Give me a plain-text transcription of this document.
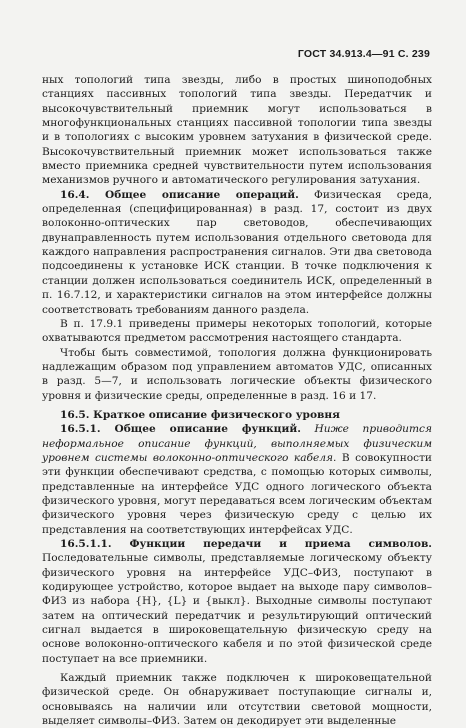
ГОСТ 34.913.4—91 С. 239

ных топологий типа звезды, либо в простых шиноподобных станциях пассивных топологий типа звезды. Передатчик и высокочувствительный приемник могут использоваться в многофункциональных станциях пассивной топологии типа звезды и в топологиях с высоким уровнем затухания в физической среде. Высокочувствительный приемник может использоваться также вместо приемника средней чувствительности путем использования механизмов ручного и автоматического регулирования затухания.

16.4. Общее описание операций. Физическая среда, определенная (специфицированная) в разд. 17, состоит из двух волоконно-оптических пар световодов, обеспечивающих двунаправленность путем использования отдельного световода для каждого направления распространения сигналов. Эти два световода подсоединены к установке ИСК станции. В точке подключения к станции должен использоваться соединитель ИСК, определенный в п. 16.7.12, и характеристики сигналов на этом интерфейсе должны соответствовать требованиям данного раздела.

В п. 17.9.1 приведены примеры некоторых топологий, которые охватываются предметом рассмотрения настоящего стандарта.

Чтобы быть совместимой, топология должна функционировать надлежащим образом под управлением автоматов УДС, описанных в разд. 5—7, и использовать логические объекты физического уровня и физические среды, определенные в разд. 16 и 17.

16.5. Краткое описание физического уровня

16.5.1. Общее описание функций. Ниже приводится неформальное описание функций, выполняемых физическим уровнем системы волоконно-оптического кабеля. В совокупности эти функции обеспечивают средства, с помощью которых символы, представленные на интерфейсе УДС одного логического объекта физического уровня, могут передаваться всем логическим объектам физического уровня через физическую среду с целью их представления на соответствующих интерфейсах УДС.

16.5.1.1. Функции передачи и приема символов. Последовательные символы, представляемые логическому объекту физического уровня на интерфейсе УДС–ФИЗ, поступают в кодирующее устройство, которое выдает на выходе пару символов–ФИЗ из набора {Н}, {L} и {выкл}. Выходные символы поступают затем на оптический передатчик и результирующий оптический сигнал выдается в широковещательную физическую среду на основе волоконно-оптического кабеля и по этой физической среде поступает на все приемники.

Каждый приемник также подключен к широковещательной физической среде. Он обнаруживает поступающие сигналы и, основываясь на наличии или отсутствии световой мощности, выделяет символы–ФИЗ. Затем он декодирует эти выделенные
